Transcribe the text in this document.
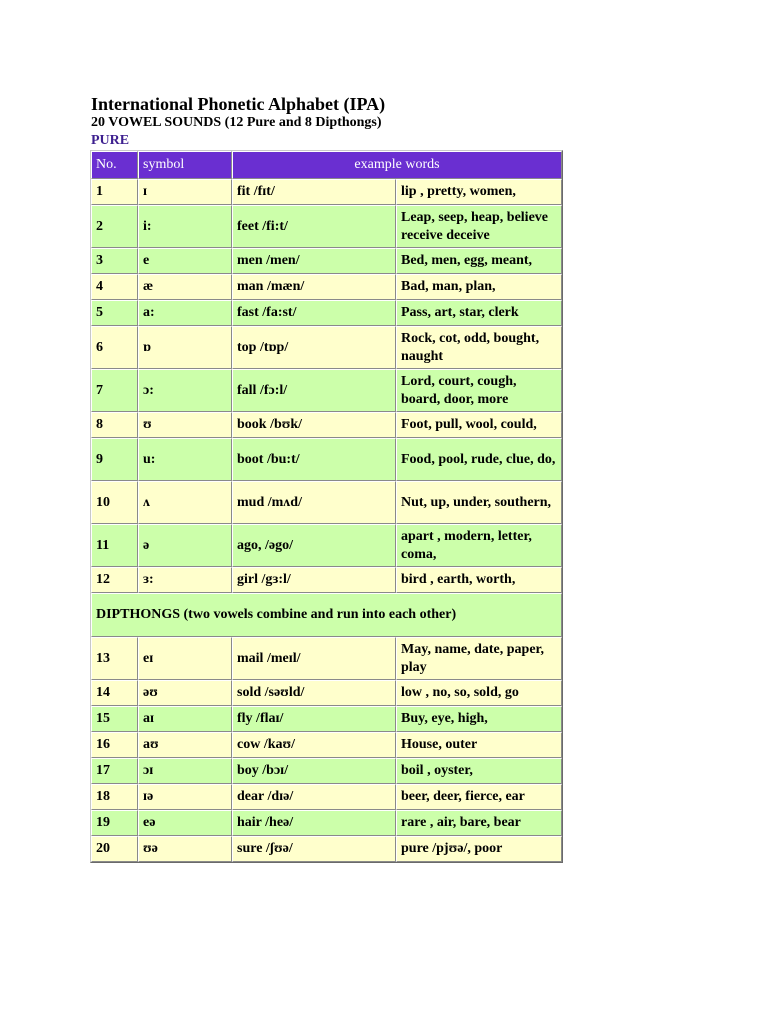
International Phonetic Alphabet (IPA)
20 VOWEL SOUNDS (12 Pure and 8 Dipthongs)
PURE
No.	symbol	example words	
1	ɪ	fit /fɪt/	lip , pretty, women,
2	i:	feet /fi:t/	Leap, seep, heap, believe receive deceive
3	e	men /men/	Bed, men, egg, meant,
4	æ	man /mæn/	Bad, man, plan,
5	a:	fast /fa:st/	Pass, art, star, clerk
6	ɒ	top /tɒp/	Rock, cot, odd, bought, naught
7	ɔ:	fall /fɔ:l/	Lord, court, cough, board, door, more
8	ʊ	book /bʊk/	Foot, pull, wool, could,
9	u:	boot /bu:t/	Food, pool, rude, clue, do,
10	ʌ	mud /mʌd/	Nut, up, under, southern,
11	ə	ago, /əgo/	apart , modern, letter, coma,
12	ɜ:	girl /gɜ:l/	bird , earth, worth,
DIPTHONGS (two vowels combine and run into each other)			
13	eɪ	mail /meɪl/	May, name, date, paper, play
14	əʊ	sold /səʊld/	low , no, so, sold, go
15	aɪ	fly /flaɪ/	Buy, eye, high,
16	aʊ	cow /kaʊ/	House, outer
17	ɔɪ	boy /bɔɪ/	boil , oyster,
18	ɪə	dear /dɪə/	beer, deer, fierce, ear
19	eə	hair /heə/	rare , air, bare, bear
20	ʊə	sure /ʃʊə/	pure /pjʊə/, poor
